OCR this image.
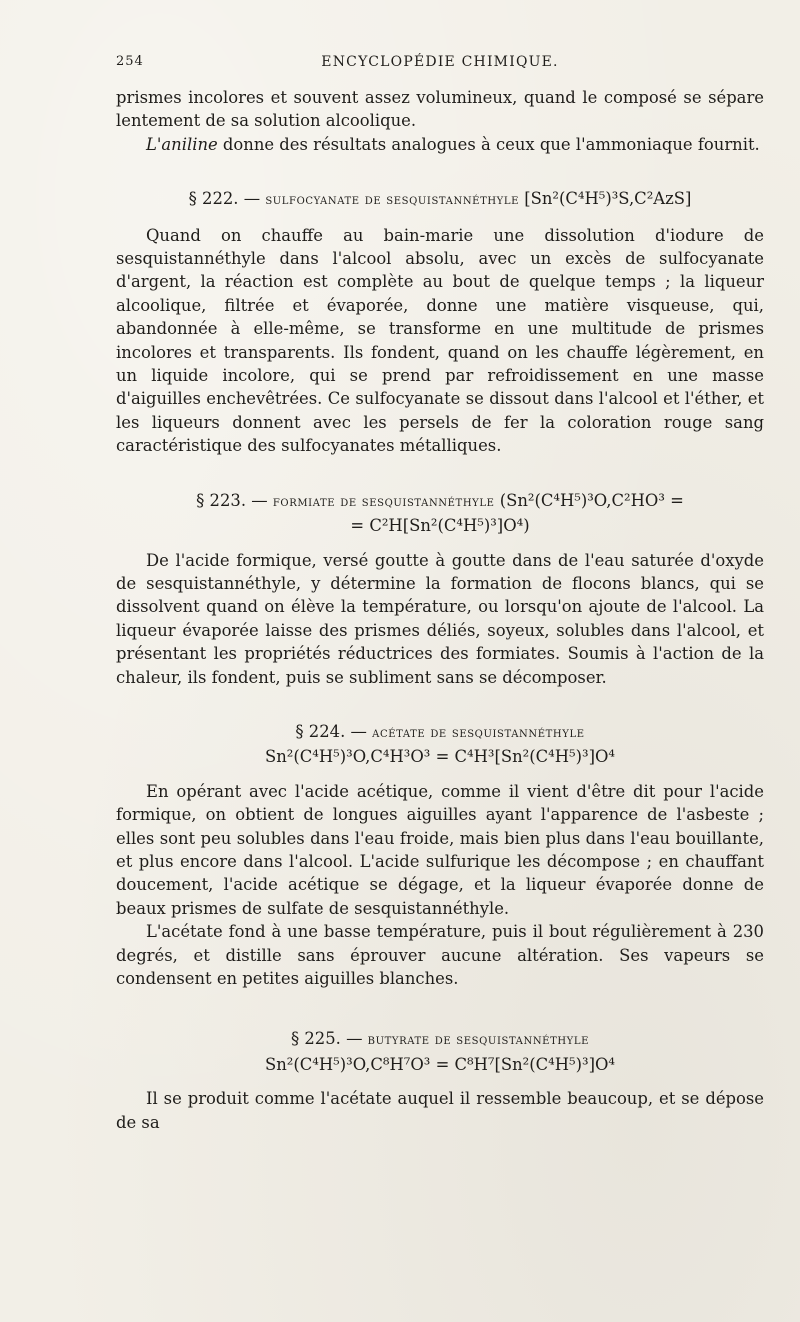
254	ENCYCLOPÉDIE CHIMIQUE.

prismes incolores et souvent assez volumineux, quand le composé se sépare lentement de sa solution alcoolique.

L'aniline donne des résultats analogues à ceux que l'ammoniaque fournit.

§ 222. — sulfocyanate de sesquistannéthyle [Sn²(C⁴H⁵)³S,C²AzS]

Quand on chauffe au bain-marie une dissolution d'iodure de sesquistannéthyle dans l'alcool absolu, avec un excès de sulfocyanate d'argent, la réaction est complète au bout de quelque temps ; la liqueur alcoolique, filtrée et évaporée, donne une matière visqueuse, qui, abandonnée à elle-même, se transforme en une multitude de prismes incolores et transparents. Ils fondent, quand on les chauffe légèrement, en un liquide incolore, qui se prend par refroidissement en une masse d'aiguilles enchevêtrées. Ce sulfocyanate se dissout dans l'alcool et l'éther, et les liqueurs donnent avec les persels de fer la coloration rouge sang caractéristique des sulfocyanates métalliques.

§ 223. — formiate de sesquistannéthyle (Sn²(C⁴H⁵)³O,C²HO³ =

= C²H[Sn²(C⁴H⁵)³]O⁴)

De l'acide formique, versé goutte à goutte dans de l'eau saturée d'oxyde de sesquistannéthyle, y détermine la formation de flocons blancs, qui se dissolvent quand on élève la température, ou lorsqu'on ajoute de l'alcool. La liqueur évaporée laisse des prismes déliés, soyeux, solubles dans l'alcool, et présentant les propriétés réductrices des formiates. Soumis à l'action de la chaleur, ils fondent, puis se subliment sans se décomposer.

§ 224. — acétate de sesquistannéthyle

Sn²(C⁴H⁵)³O,C⁴H³O³ = C⁴H³[Sn²(C⁴H⁵)³]O⁴

En opérant avec l'acide acétique, comme il vient d'être dit pour l'acide formique, on obtient de longues aiguilles ayant l'apparence de l'asbeste ; elles sont peu solubles dans l'eau froide, mais bien plus dans l'eau bouillante, et plus encore dans l'alcool. L'acide sulfurique les décompose ; en chauffant doucement, l'acide acétique se dégage, et la liqueur évaporée donne de beaux prismes de sulfate de sesquistannéthyle.

L'acétate fond à une basse température, puis il bout régulièrement à 230 degrés, et distille sans éprouver aucune altération. Ses vapeurs se condensent en petites aiguilles blanches.

§ 225. — butyrate de sesquistannéthyle

Sn²(C⁴H⁵)³O,C⁸H⁷O³ = C⁸H⁷[Sn²(C⁴H⁵)³]O⁴

Il se produit comme l'acétate auquel il ressemble beaucoup, et se dépose de sa
